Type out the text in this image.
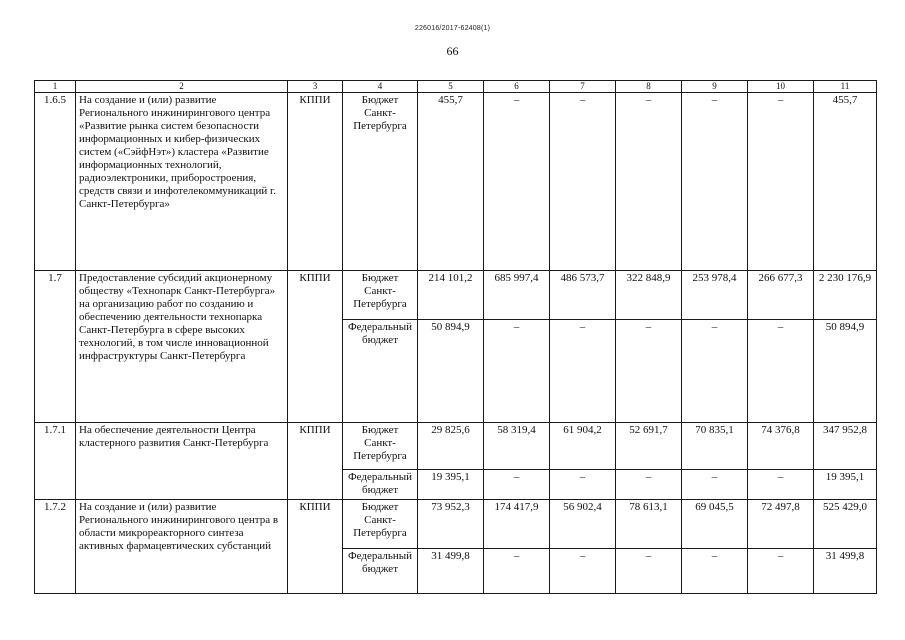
226016/2017-62408(1)
66
1	2	3	4	5	6	7	8	9	10	11
1.6.5	На создание и (или) развитие Регионального инжинирингового центра «Развитие рынка систем безопасности информационных и кибер-физических систем («СэйфНэт») кластера «Развитие информационных технологий, радиоэлектроники, приборостроения, средств связи и инфотелекоммуникаций г. Санкт-Петербурга»	КППИ	Бюджет Санкт-Петербурга	455,7	–	–	–	–	–	455,7
1.7	Предоставление субсидий акционерному обществу «Технопарк Санкт-Петербурга» на организацию работ по созданию и обеспечению деятельности технопарка Санкт-Петербурга в сфере высоких технологий, в том числе инновационной инфраструктуры Санкт-Петербурга	КППИ	Бюджет Санкт-Петербурга	214 101,2	685 997,4	486 573,7	322 848,9	253 978,4	266 677,3	2 230 176,9
			Федеральный бюджет	50 894,9	–	–	–	–	–	50 894,9
1.7.1	На обеспечение деятельности Центра кластерного развития Санкт-Петербурга	КППИ	Бюджет Санкт-Петербурга	29 825,6	58 319,4	61 904,2	52 691,7	70 835,1	74 376,8	347 952,8
			Федеральный бюджет	19 395,1	–	–	–	–	–	19 395,1
1.7.2	На создание и (или) развитие Регионального инжинирингового центра в области микрореакторного синтеза активных фармацевтических субстанций	КППИ	Бюджет Санкт-Петербурга	73 952,3	174 417,9	56 902,4	78 613,1	69 045,5	72 497,8	525 429,0
			Федеральный бюджет	31 499,8	–	–	–	–	–	31 499,8
